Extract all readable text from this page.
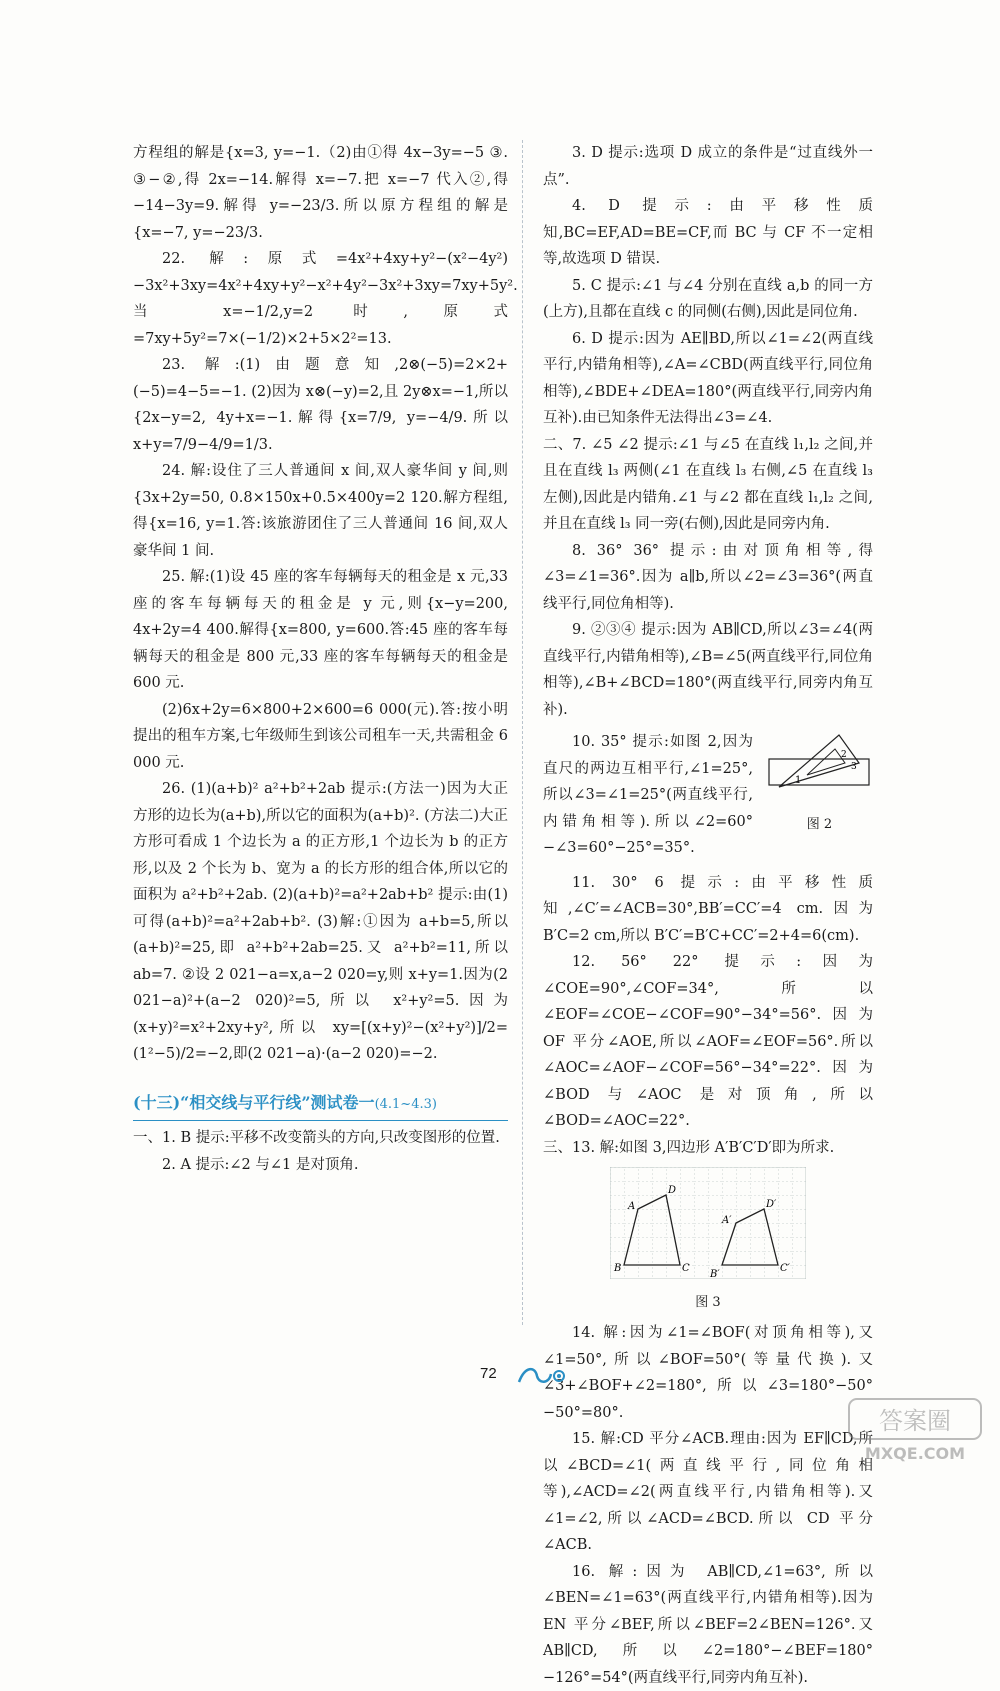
方程组的解是{x=3, y=−1.（2)由①得 4x−3y=−5 ③. ③−②,得 2x=−14.解得 x=−7.把 x=−7 代入②,得−14−3y=9.解得 y=−23/3.所以原方程组的解是{x=−7, y=−23/3.

22. 解:原式=4x²+4xy+y²−(x²−4y²)−3x²+3xy=4x²+4xy+y²−x²+4y²−3x²+3xy=7xy+5y².当 x=−1/2,y=2 时,原式=7xy+5y²=7×(−1/2)×2+5×2²=13.

23. 解:(1)由题意知,2⊗(−5)=2×2+(−5)=4−5=−1. (2)因为 x⊗(−y)=2,且 2y⊗x=−1,所以{2x−y=2, 4y+x=−1.解得{x=7/9, y=−4/9.所以 x+y=7/9−4/9=1/3.

24. 解:设住了三人普通间 x 间,双人豪华间 y 间,则{3x+2y=50, 0.8×150x+0.5×400y=2 120.解方程组,得{x=16, y=1.答:该旅游团住了三人普通间 16 间,双人豪华间 1 间.

25. 解:(1)设 45 座的客车每辆每天的租金是 x 元,33 座的客车每辆每天的租金是 y 元,则{x−y=200, 4x+2y=4 400.解得{x=800, y=600.答:45 座的客车每辆每天的租金是 800 元,33 座的客车每辆每天的租金是 600 元.

(2)6x+2y=6×800+2×600=6 000(元).答:按小明提出的租车方案,七年级师生到该公司租车一天,共需租金 6 000 元.

26. (1)(a+b)² a²+b²+2ab 提示:(方法一)因为大正方形的边长为(a+b),所以它的面积为(a+b)². (方法二)大正方形可看成 1 个边长为 a 的正方形,1 个边长为 b 的正方形,以及 2 个长为 b、宽为 a 的长方形的组合体,所以它的面积为 a²+b²+2ab. (2)(a+b)²=a²+2ab+b² 提示:由(1)可得(a+b)²=a²+2ab+b². (3)解:①因为 a+b=5,所以(a+b)²=25,即 a²+b²+2ab=25.又 a²+b²=11,所以 ab=7. ②设 2 021−a=x,a−2 020=y,则 x+y=1.因为(2 021−a)²+(a−2 020)²=5,所以 x²+y²=5.因为(x+y)²=x²+2xy+y²,所以 xy=[(x+y)²−(x²+y²)]/2=(1²−5)/2=−2,即(2 021−a)·(a−2 020)=−2.

(十三)“相交线与平行线”测试卷一(4.1~4.3)

一、1. B 提示:平移不改变箭头的方向,只改变图形的位置.

2. A 提示:∠2 与∠1 是对顶角.

3. D 提示:选项 D 成立的条件是“过直线外一点”.

4. D 提示:由平移性质知,BC=EF,AD=BE=CF,而 BC 与 CF 不一定相等,故选项 D 错误.

5. C 提示:∠1 与∠4 分别在直线 a,b 的同一方(上方),且都在直线 c 的同侧(右侧),因此是同位角.

6. D 提示:因为 AE∥BD,所以∠1=∠2(两直线平行,内错角相等),∠A=∠CBD(两直线平行,同位角相等),∠BDE+∠DEA=180°(两直线平行,同旁内角互补).由已知条件无法得出∠3=∠4.

二、7. ∠5 ∠2 提示:∠1 与∠5 在直线 l₁,l₂ 之间,并且在直线 l₃ 两侧(∠1 在直线 l₃ 右侧,∠5 在直线 l₃ 左侧),因此是内错角.∠1 与∠2 都在直线 l₁,l₂ 之间,并且在直线 l₃ 同一旁(右侧),因此是同旁内角.

8. 36° 36° 提示:由对顶角相等,得∠3=∠1=36°.因为 a∥b,所以∠2=∠3=36°(两直线平行,同位角相等).

9. ②③④ 提示:因为 AB∥CD,所以∠3=∠4(两直线平行,内错角相等),∠B=∠5(两直线平行,同位角相等),∠B+∠BCD=180°(两直线平行,同旁内角互补).

10. 35° 提示:如图 2,因为直尺的两边互相平行,∠1=25°,所以∠3=∠1=25°(两直线平行,内错角相等).所以∠2=60°−∠3=60°−25°=35°.

1
2
3
图 2

11. 30° 6 提示:由平移性质知,∠C′=∠ACB=30°,BB′=CC′=4 cm.因为 B′C=2 cm,所以 B′C′=B′C+CC′=2+4=6(cm).

12. 56° 22° 提示:因为∠COE=90°,∠COF=34°,所以∠EOF=∠COE−∠COF=90°−34°=56°.因为 OF 平分∠AOE,所以∠AOF=∠EOF=56°.所以∠AOC=∠AOF−∠COF=56°−34°=22°.因为∠BOD 与∠AOC 是对顶角,所以∠BOD=∠AOC=22°.

三、13. 解:如图 3,四边形 A′B′C′D′即为所求.

A
B	C
D
A′
B′
C′
D′
图 3

14. 解:因为∠1=∠BOF(对顶角相等),又∠1=50°,所以∠BOF=50°(等量代换).又∠3+∠BOF+∠2=180°,所以∠3=180°−50°−50°=80°.

15. 解:CD 平分∠ACB.理由:因为 EF∥CD,所以∠BCD=∠1(两直线平行,同位角相等),∠ACD=∠2(两直线平行,内错角相等).又∠1=∠2,所以∠ACD=∠BCD.所以 CD 平分∠ACB.

16. 解:因为 AB∥CD,∠1=63°,所以∠BEN=∠1=63°(两直线平行,内错角相等).因为 EN 平分∠BEF,所以∠BEF=2∠BEN=126°.又 AB∥CD,所以∠2=180°−∠BEF=180°−126°=54°(两直线平行,同旁内角互补).

72
答案圈
MXQE.COM
